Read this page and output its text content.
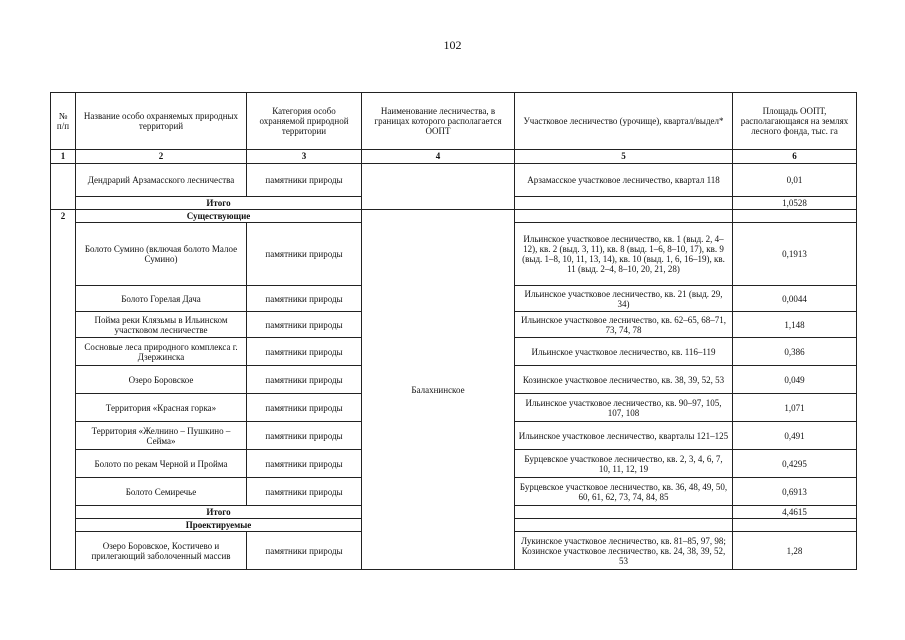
102
№ п/п	Название особо охраняемых природных территорий	Категория особо охраняемой природной территории	Наименование лесничества, в границах которого располагается ООПТ	Участковое лесничество (урочище), квартал/выдел*	Площадь ООПТ, располагающаяся на землях лесного фонда, тыс. га
1	2	3	4	5	6
	Дендрарий Арзамасского лесничества	памятники природы		Арзамасское участковое лесничество, квартал 118	0,01
	Итого				1,0528
2	Существующие		Балахнинское		
	Болото Сумино (включая болото Малое Сумино)	памятники природы		Ильинское участковое лесничество, кв. 1 (выд. 2, 4–12), кв. 2 (выд. 3, 11), кв. 8 (выд. 1–6, 8–10, 17), кв. 9 (выд. 1–8, 10, 11, 13, 14), кв. 10 (выд. 1, 6, 16–19), кв. 11 (выд. 2–4, 8–10, 20, 21, 28)	0,1913
	Болото Горелая Дача	памятники природы		Ильинское участковое лесничество, кв. 21 (выд. 29, 34)	0,0044
	Пойма реки Клязьмы в Ильинском участковом лесничестве	памятники природы		Ильинское участковое лесничество, кв. 62–65, 68–71, 73, 74, 78	1,148
	Сосновые леса природного комплекса г. Дзержинска	памятники природы		Ильинское участковое лесничество, кв. 116–119	0,386
	Озеро Боровское	памятники природы		Козинское участковое лесничество, кв. 38, 39, 52, 53	0,049
	Территория «Красная горка»	памятники природы		Ильинское участковое лесничество, кв. 90–97, 105, 107, 108	1,071
	Территория «Желнино – Пушкино – Сейма»	памятники природы		Ильинское участковое лесничество, кварталы 121–125	0,491
	Болото по рекам Черной и Пройма	памятники природы		Бурцевское участковое лесничество, кв. 2, 3, 4, 6, 7, 10, 11, 12, 19	0,4295
	Болото Семиречье	памятники природы		Бурцевское участковое лесничество, кв. 36, 48, 49, 50, 60, 61, 62, 73, 74, 84, 85	0,6913
	Итого				4,4615
	Проектируемые				
	Озеро Боровское, Костичево и прилегающий заболоченный массив	памятники природы		Лукинское участковое лесничество, кв. 81–85, 97, 98; Козинское участковое лесничество, кв. 24, 38, 39, 52, 53	1,28
